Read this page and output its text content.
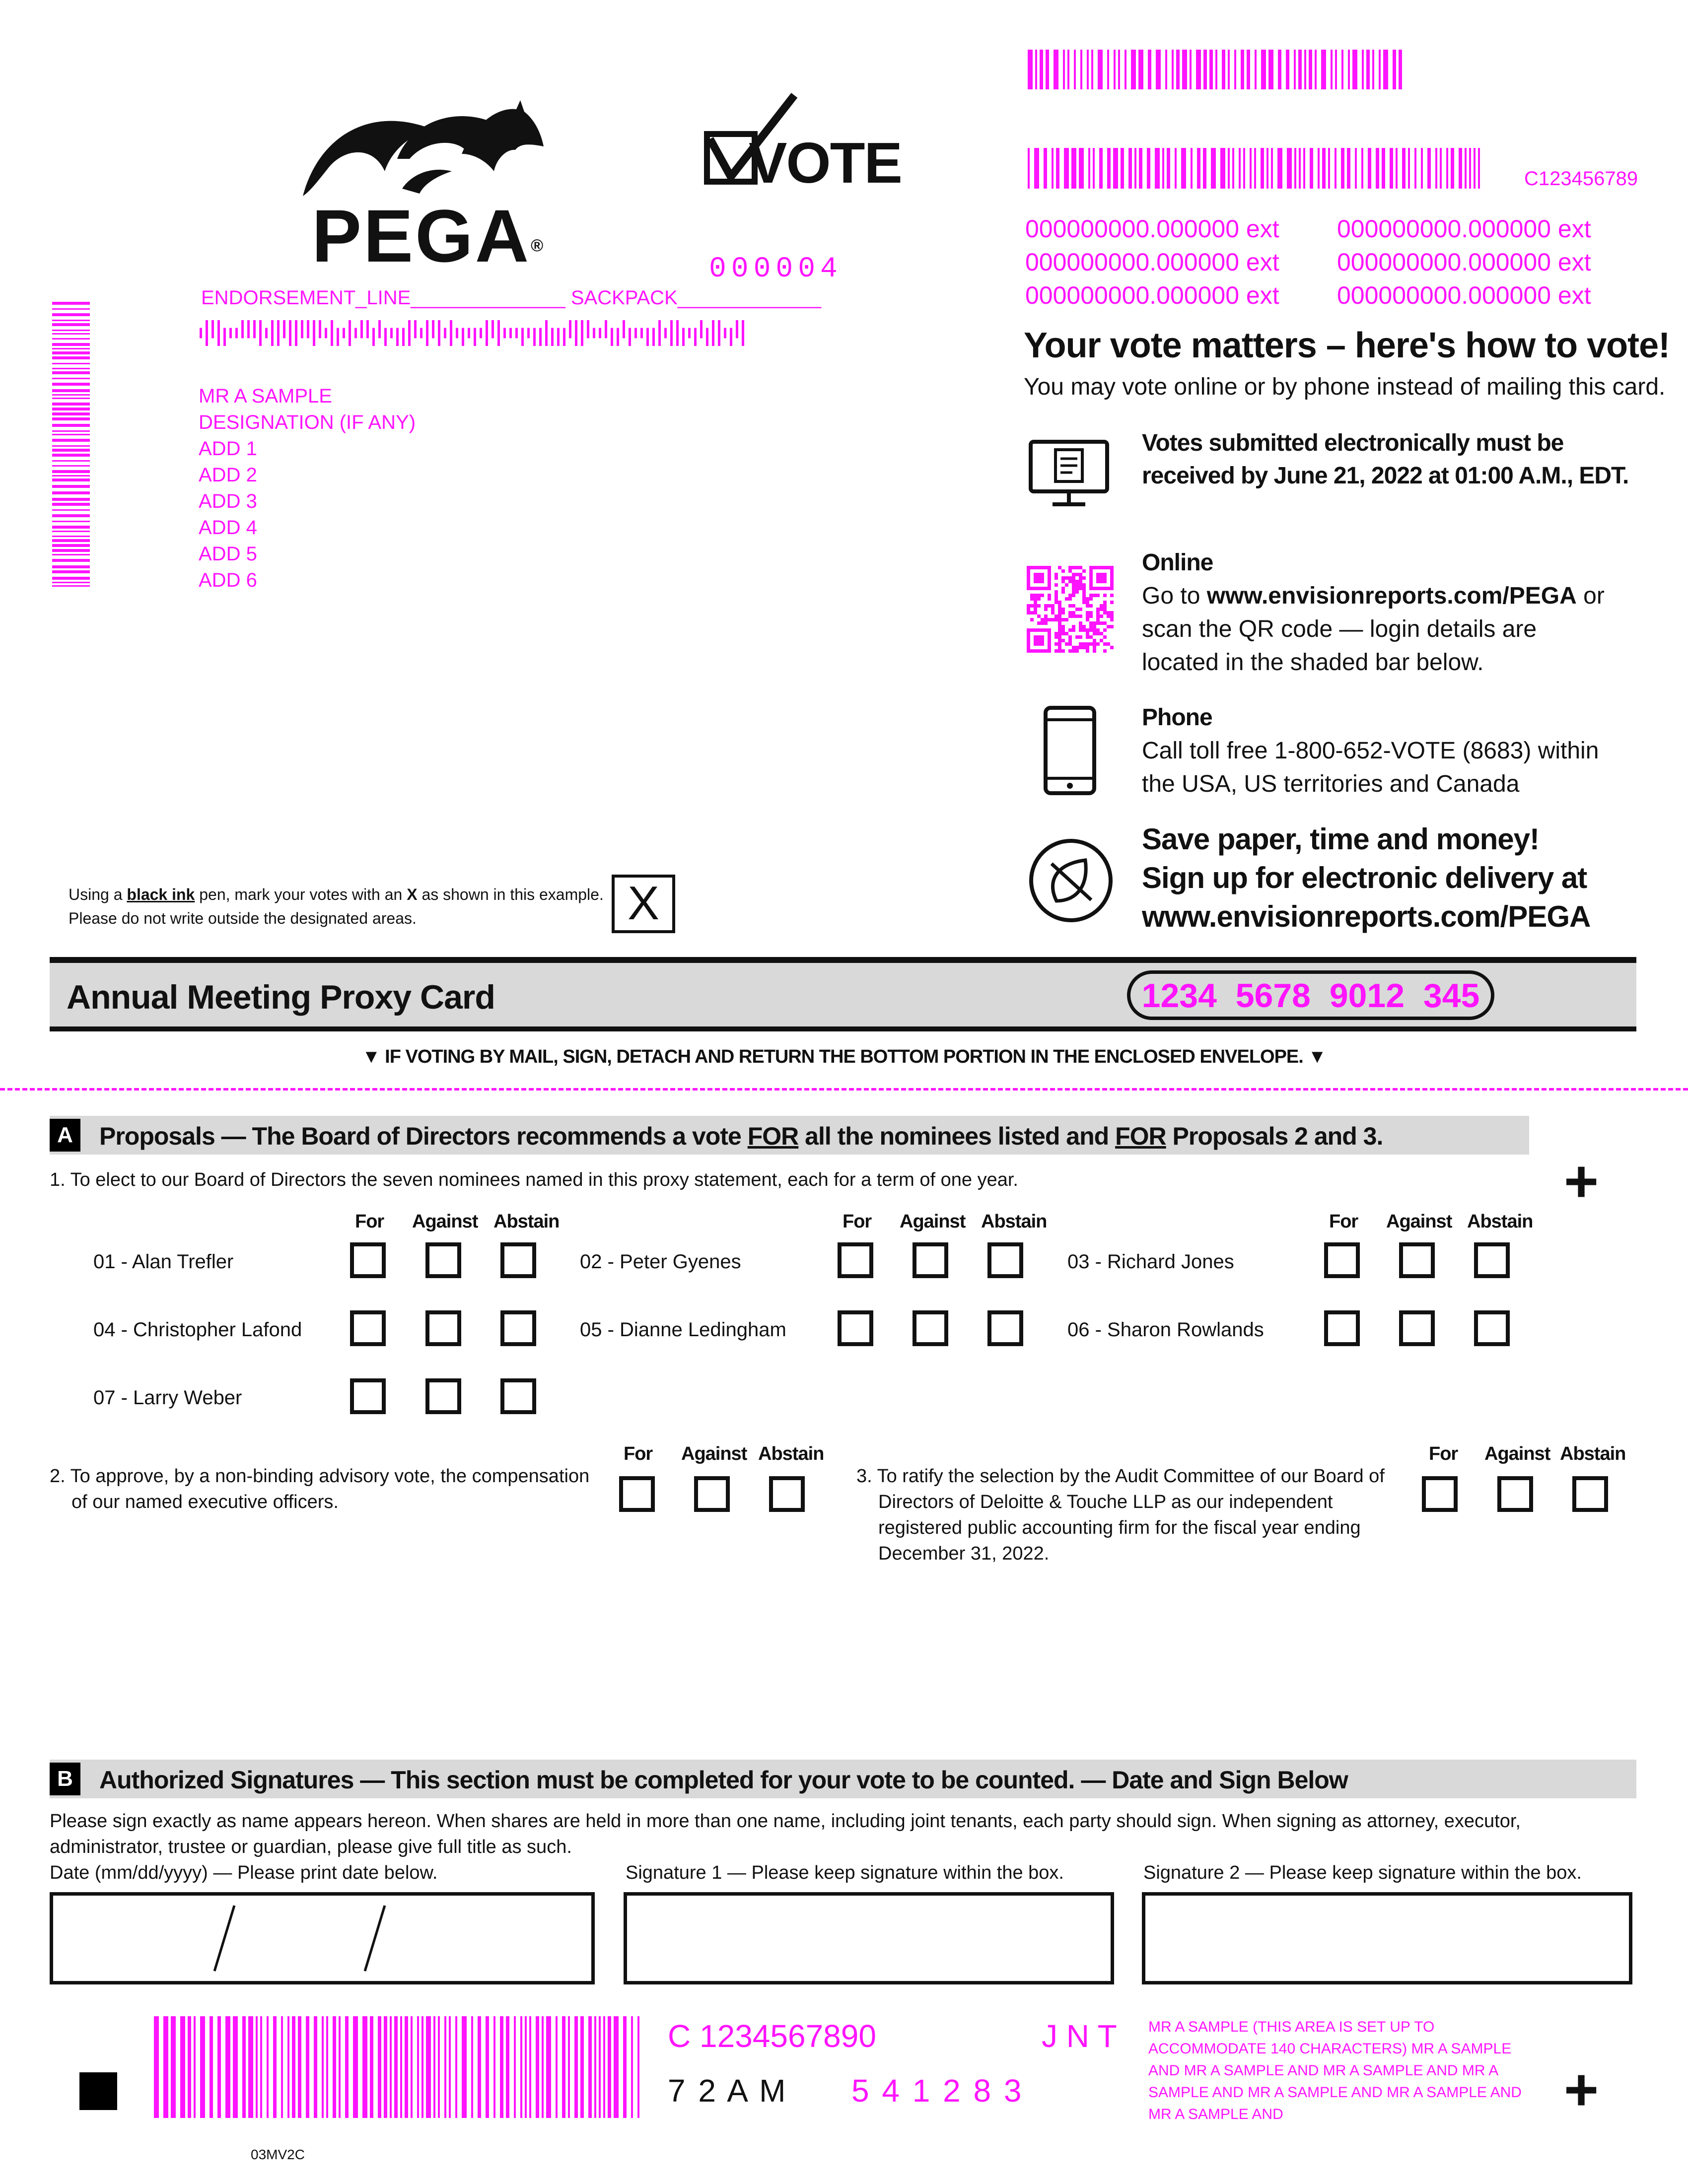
PEGA®
VOTE
000004
ENDORSEMENT_LINE______________ SACKPACK_____________
MR A SAMPLE
DESIGNATION (IF ANY)
ADD 1
ADD 2
ADD 3
ADD 4
ADD 5
ADD 6
C123456789
000000000.000000 ext
000000000.000000 ext
000000000.000000 ext
000000000.000000 ext
000000000.000000 ext
000000000.000000 ext
Your vote matters – here's how to vote!
You may vote online or by phone instead of mailing this card.
Votes submitted electronically must be
received by June 21, 2022 at 01:00 A.M., EDT.
Online
Go to www.envisionreports.com/PEGA or
scan the QR code — login details are
located in the shaded bar below.
Phone
Call toll free 1-800-652-VOTE (8683) within
the USA, US territories and Canada
Save paper, time and money!
Sign up for electronic delivery at
www.envisionreports.com/PEGA
Using a black ink pen, mark your votes with an X as shown in this example.
Please do not write outside the designated areas.	X
Annual Meeting Proxy Card	1234  5678  9012  345
▼ IF VOTING BY MAIL, SIGN, DETACH AND RETURN THE BOTTOM PORTION IN THE ENCLOSED ENVELOPE. ▼
A	Proposals — The Board of Directors recommends a vote FOR all the nominees listed and FOR Proposals 2 and 3.
+
1. To elect to our Board of Directors the seven nominees named in this proxy statement, each for a term of one year.
For Against Abstain	For Against Abstain	For Against Abstain
01 - Alan Trefler	02 - Peter Gyenes	03 - Richard Jones
04 - Christopher Lafond	05 - Dianne Ledingham	06 - Sharon Rowlands
07 - Larry Weber
2. To approve, by a non-binding advisory vote, the compensation
of our named executive officers.
For Against Abstain
3. To ratify the selection by the Audit Committee of our Board of
Directors of Deloitte & Touche LLP as our independent
registered public accounting firm for the fiscal year ending
December 31, 2022.
For Against Abstain
B	Authorized Signatures — This section must be completed for your vote to be counted. — Date and Sign Below
Please sign exactly as name appears hereon. When shares are held in more than one name, including joint tenants, each party should sign. When signing as attorney, executor, administrator, trustee or guardian, please give full title as such.
Date (mm/dd/yyyy) — Please print date below.	Signature 1 — Please keep signature within the box.	Signature 2 — Please keep signature within the box.
03MV2C
C 1234567890	J N T
7 2 A M 5 4 1 2 8 3
MR A SAMPLE (THIS AREA IS SET UP TO ACCOMMODATE 140 CHARACTERS) MR A SAMPLE AND MR A SAMPLE AND MR A SAMPLE AND MR A SAMPLE AND MR A SAMPLE AND MR A SAMPLE AND MR A SAMPLE AND	+
